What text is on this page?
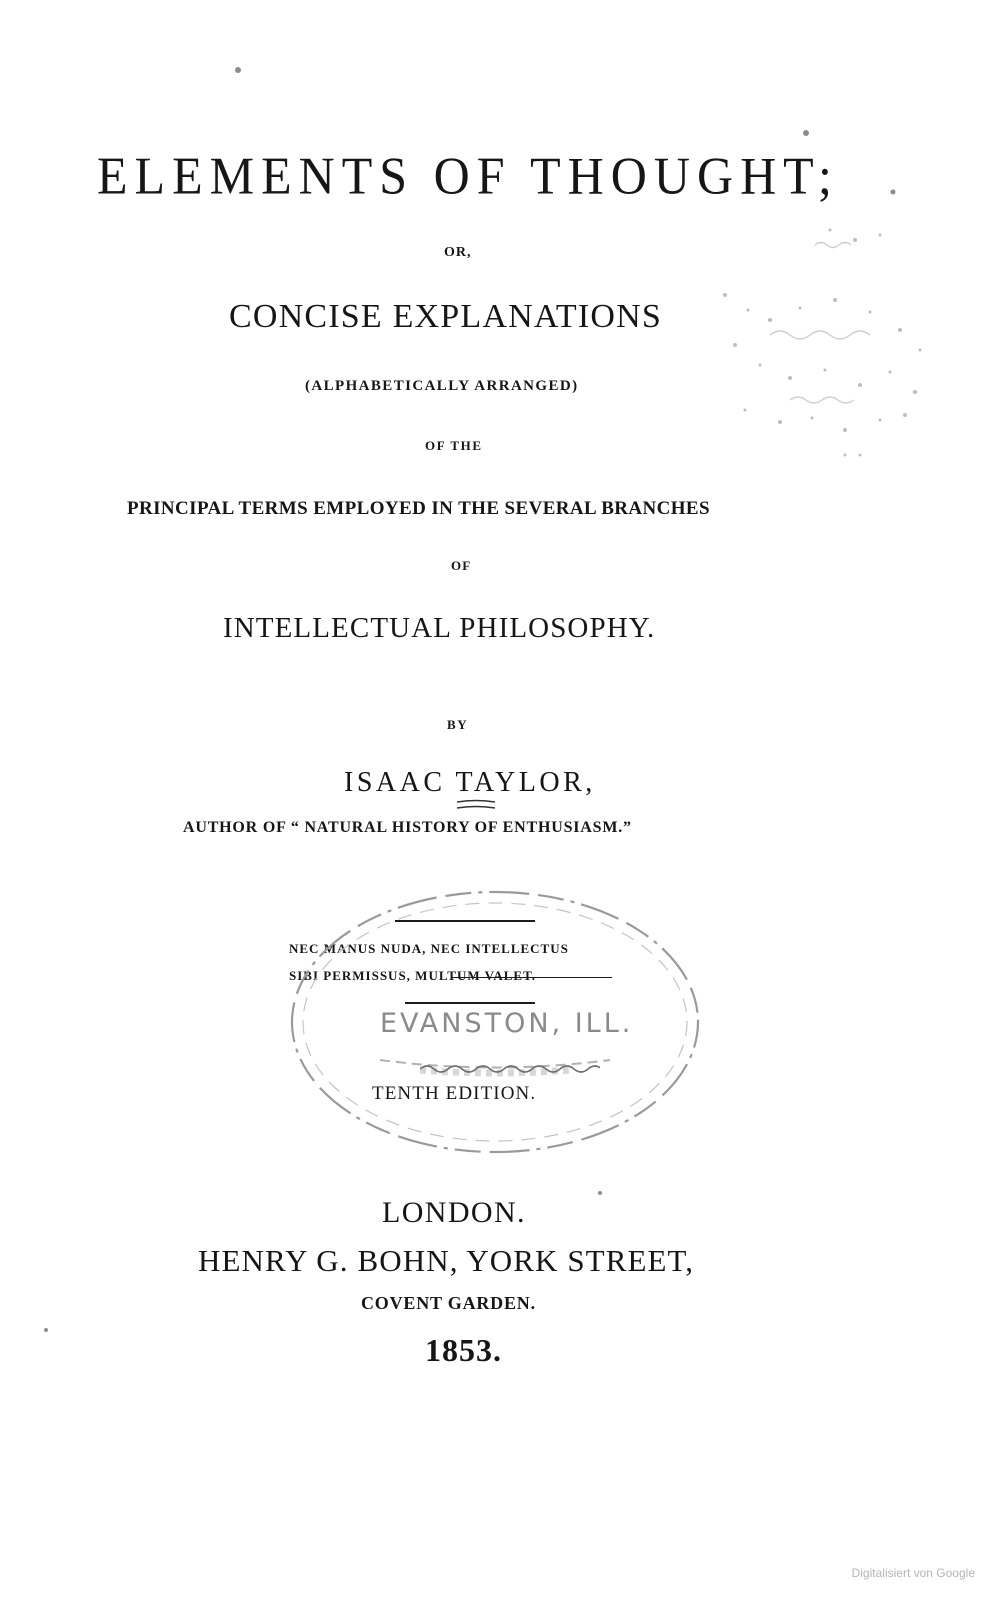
ELEMENTS OF THOUGHT;
OR,
CONCISE EXPLANATIONS
(ALPHABETICALLY ARRANGED)
OF THE
PRINCIPAL TERMS EMPLOYED IN THE SEVERAL BRANCHES
OF
INTELLECTUAL PHILOSOPHY.
BY
ISAAC TAYLOR,
AUTHOR OF “ NATURAL HISTORY OF ENTHUSIASM.”
NEC MANUS NUDA, NEC INTELLECTUS
SIBI PERMISSUS, MULTUM VALET.
EVANSTON, ILL.
TENTH EDITION.
LONDON.
HENRY G. BOHN, YORK STREET,
COVENT GARDEN.
1853.
Digitalisiert von Google
